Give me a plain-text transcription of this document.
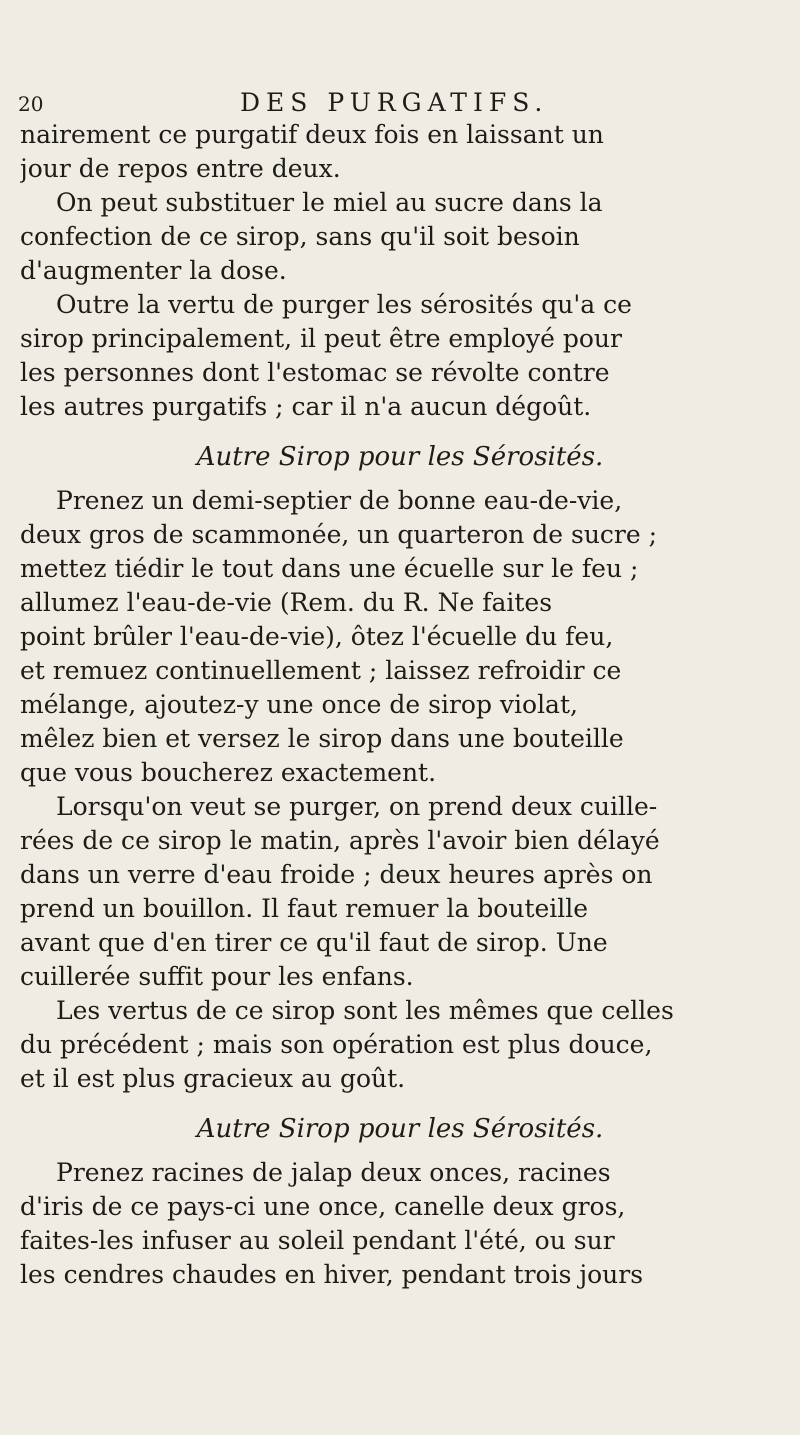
20	DES PURGATIFS.
nairement ce purgatif deux fois en laissant un
jour de repos entre deux.
On peut substituer le miel au sucre dans la
confection de ce sirop, sans qu'il soit besoin
d'augmenter la dose.
Outre la vertu de purger les sérosités qu'a ce
sirop principalement, il peut être employé pour
les personnes dont l'estomac se révolte contre
les autres purgatifs ; car il n'a aucun dégoût.
Autre Sirop pour les Sérosités.
Prenez un demi-septier de bonne eau-de-vie,
deux gros de scammonée, un quarteron de sucre ;
mettez tiédir le tout dans une écuelle sur le feu ;
allumez l'eau-de-vie (Rem. du R. Ne faites
point brûler l'eau-de-vie), ôtez l'écuelle du feu,
et remuez continuellement ; laissez refroidir ce
mélange, ajoutez-y une once de sirop violat,
mêlez bien et versez le sirop dans une bouteille
que vous boucherez exactement.
Lorsqu'on veut se purger, on prend deux cuille-
rées de ce sirop le matin, après l'avoir bien délayé
dans un verre d'eau froide ; deux heures après on
prend un bouillon. Il faut remuer la bouteille
avant que d'en tirer ce qu'il faut de sirop. Une
cuillerée suffit pour les enfans.
Les vertus de ce sirop sont les mêmes que celles
du précédent ; mais son opération est plus douce,
et il est plus gracieux au goût.
Autre Sirop pour les Sérosités.
Prenez racines de jalap deux onces, racines
d'iris de ce pays-ci une once, canelle deux gros,
faites-les infuser au soleil pendant l'été, ou sur
les cendres chaudes en hiver, pendant trois jours
